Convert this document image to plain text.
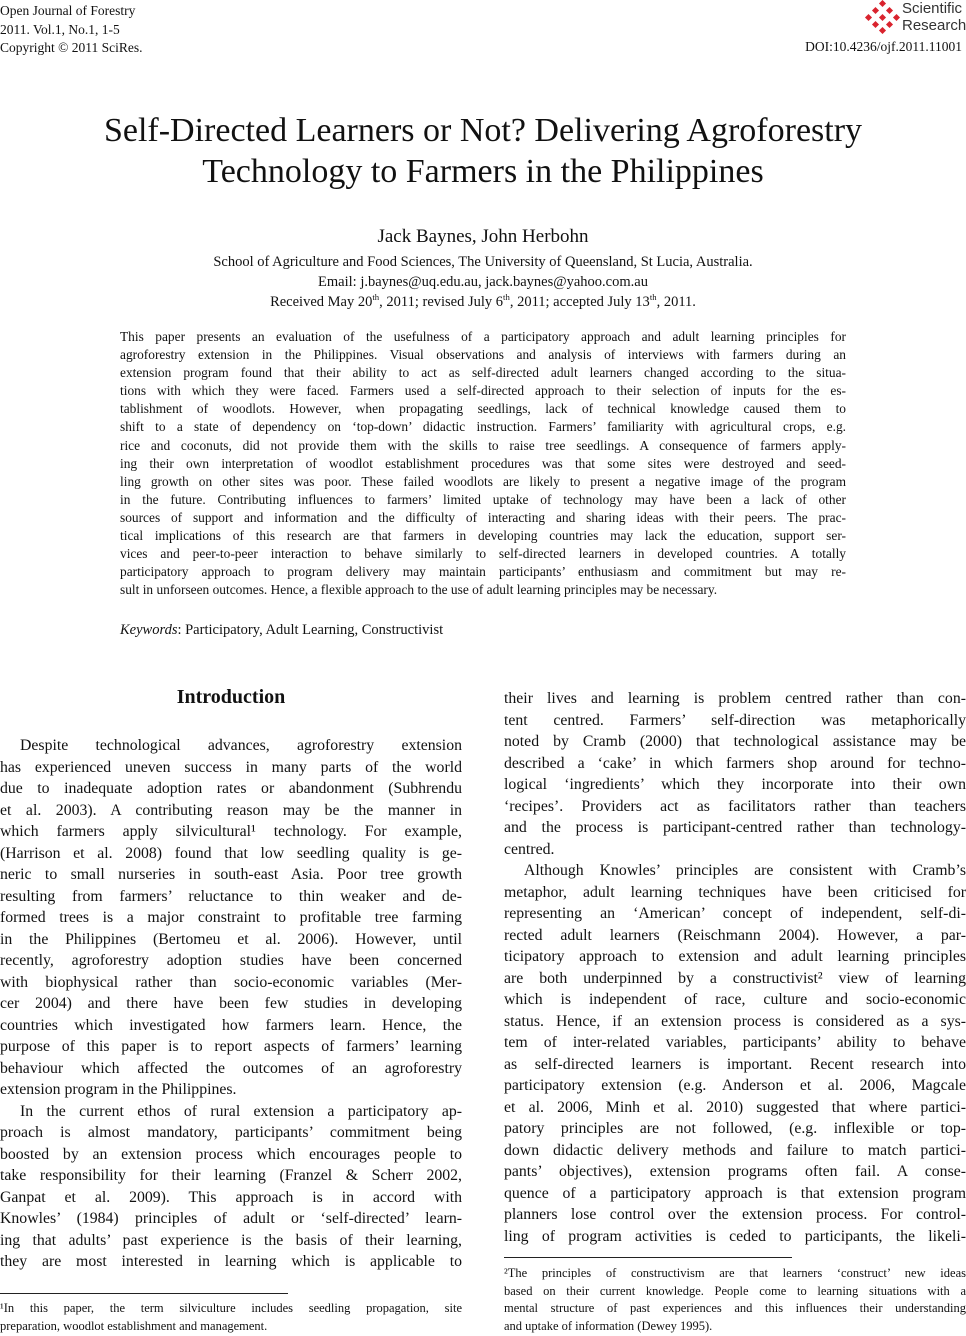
Open Journal of Forestry
2011. Vol.1, No.1, 1-5
Copyright © 2011 SciRes.	DOI:10.4236/ojf.2011.11001
Scientific
Research
Self-Directed Learners or Not? Delivering Agroforestry
Technology to Farmers in the Philippines
Jack Baynes, John Herbohn
School of Agriculture and Food Sciences, The University of Queensland, St Lucia, Australia.
Email: j.baynes@uq.edu.au, jack.baynes@yahoo.com.au
Received May 20th, 2011; revised July 6th, 2011; accepted July 13th, 2011.
This paper presents an evaluation of the usefulness of a participatory approach and adult learning principles for
agroforestry extension in the Philippines. Visual observations and analysis of interviews with farmers during an
extension program found that their ability to act as self-directed adult learners changed according to the situa-
tions with which they were faced. Farmers used a self-directed approach to their selection of inputs for the es-
tablishment of woodlots. However, when propagating seedlings, lack of technical knowledge caused them to
shift to a state of dependency on ‘top-down’ didactic instruction. Farmers’ familiarity with agricultural crops, e.g.
rice and coconuts, did not provide them with the skills to raise tree seedlings. A consequence of farmers apply-
ing their own interpretation of woodlot establishment procedures was that some sites were destroyed and seed-
ling growth on other sites was poor. These failed woodlots are likely to present a negative image of the program
in the future. Contributing influences to farmers’ limited uptake of technology may have been a lack of other
sources of support and information and the difficulty of interacting and sharing ideas with their peers. The prac-
tical implications of this research are that farmers in developing countries may lack the education, support ser-
vices and peer-to-peer interaction to behave similarly to self-directed learners in developed countries. A totally
participatory approach to program delivery may maintain participants’ enthusiasm and commitment but may re-
sult in unforseen outcomes. Hence, a flexible approach to the use of adult learning principles may be necessary.
Keywords: Participatory, Adult Learning, Constructivist
Introduction
Despite technological advances, agroforestry extension
has experienced uneven success in many parts of the world
due to inadequate adoption rates or abandonment (Subhrendu
et al. 2003). A contributing reason may be the manner in
which farmers apply silvicultural¹ technology. For example,
(Harrison et al. 2008) found that low seedling quality is ge-
neric to small nurseries in south-east Asia. Poor tree growth
resulting from farmers’ reluctance to thin weaker and de-
formed trees is a major constraint to profitable tree farming
in the Philippines (Bertomeu et al. 2006). However, until
recently, agroforestry adoption studies have been concerned
with biophysical rather than socio-economic variables (Mer-
cer 2004) and there have been few studies in developing
countries which investigated how farmers learn. Hence, the
purpose of this paper is to report aspects of farmers’ learning
behaviour which affected the outcomes of an agroforestry
extension program in the Philippines.
In the current ethos of rural extension a participatory ap-
proach is almost mandatory, participants’ commitment being
boosted by an extension process which encourages people to
take responsibility for their learning (Franzel & Scherr 2002,
Ganpat et al. 2009). This approach is in accord with
Knowles’ (1984) principles of adult or ‘self-directed’ learn-
ing that adults’ past experience is the basis of their learning,
they are most interested in learning which is applicable to
their lives and learning is problem centred rather than con-
tent centred. Farmers’ self-direction was metaphorically
noted by Cramb (2000) that technological assistance may be
described a ‘cake’ in which farmers shop around for techno-
logical ‘ingredients’ which they incorporate into their own
‘recipes’. Providers act as facilitators rather than teachers
and the process is participant-centred rather than technology-
centred.
Although Knowles’ principles are consistent with Cramb’s
metaphor, adult learning techniques have been criticised for
representing an ‘American’ concept of independent, self-di-
rected adult learners (Reischmann 2004). However, a par-
ticipatory approach to extension and adult learning principles
are both underpinned by a constructivist² view of learning
which is independent of race, culture and socio-economic
status. Hence, if an extension process is considered as a sys-
tem of inter-related variables, participants’ ability to behave
as self-directed learners is important. Recent research into
participatory extension (e.g. Anderson et al. 2006, Magcale
et al. 2006, Minh et al. 2010) suggested that where partici-
patory principles are not followed, (e.g. inflexible or top-
down didactic delivery methods and failure to match partici-
pants’ objectives), extension programs often fail. A conse-
quence of a participatory approach is that extension program
planners lose control over the extension process. For control-
ling of program activities is ceded to participants, the likeli-
¹In this paper, the term silviculture includes seedling propagation, site
preparation, woodlot establishment and management.
²The principles of constructivism are that learners ‘construct’ new ideas
based on their current knowledge. People come to learning situations with a
mental structure of past experiences and this influences their understanding
and uptake of information (Dewey 1995).
